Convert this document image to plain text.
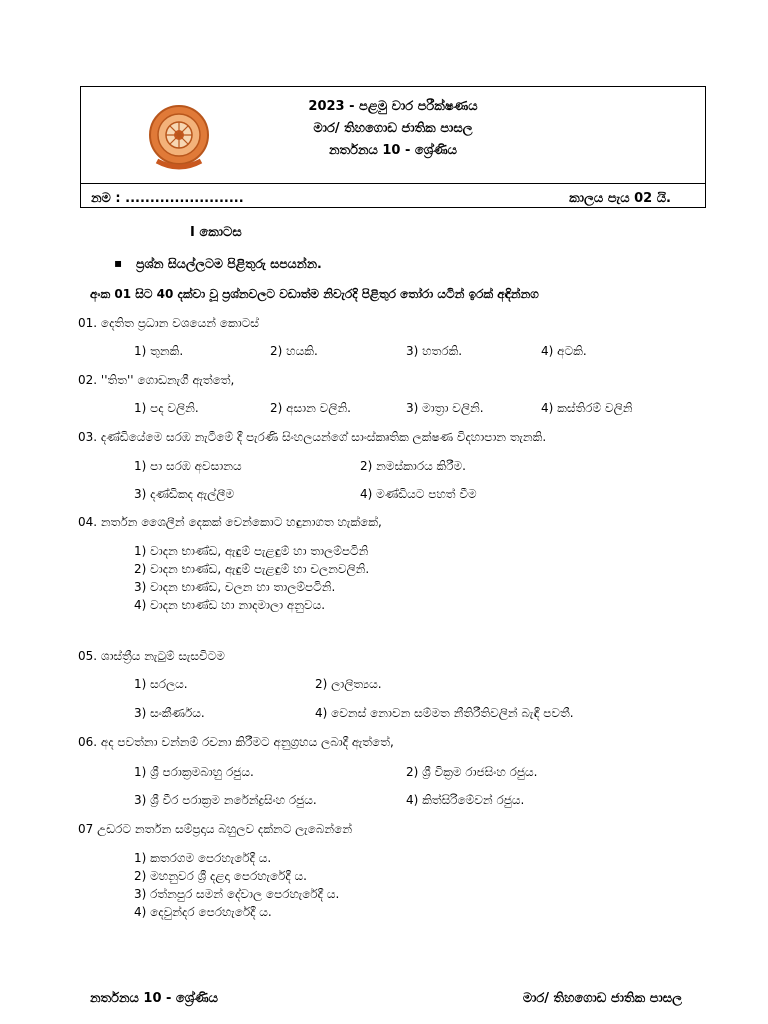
2023 - පළමු වාර පරීක්ෂණය
මාර/ තිහගොඩ ජාතික පාසල
නර්තනය 10 - ශ්‍රේණිය
නම : ........................	කාලය පැය 02 යි.
I කොටස
▪ ප්‍රශ්න සියල්ලටම පිළිතුරු සපයන්න.
අංක 01 සිට 40 දක්වා වූ ප්‍රශ්නවලට වඩාත්ම නිවැරදි පිළිතුර තෝරා යටින් ඉරක් අඳින්නග
01. දෙතිත ප්‍රධාන වශයෙන් කොටස්
1) තුනකි.	2) හයකි.	3) හතරකි.	4) අටකි.
02. ''තිත'' ගොඩනැගී ඇත්තේ,
1) පද වලිනි.	2) අසාන වලිනි.	3) මාත්‍රා වලිනි.	4) කස්තිරම් වලිනි
03. දණ්ඩියේමෙ සරඹ නැටීමේ දී පැරණි සිංහලයන්ගේ සාංස්කෘතික ලක්ෂණ විදහාපාන තැනකි.
1) පා සරඹ අවසානය	2) නමස්කාරය කිරීම.
3) දණ්ඩිකද ඇල්ලීම	4) මණ්ඩියට පහත් වීම
04. නර්තන ශෛලීන් දෙකක් වෙන්කොට හඳුනාගත හැක්කේ,
1) වාදන භාණ්ඩ, ඇඳුම් පැළඳුම් හා තාලම්පටිනි
2) වාදන භාණ්ඩ, ඇඳුම් පැළඳුම් හා චලනවලිනි.
3) වාදන භාණ්ඩ, චලන හා තාලම්පටිනි.
4) වාදන භාණ්ඩ හා නාදමාලා අනුවය.
05. ශාස්ත්‍රීය නැටුම් සැසවිටම
1) සරලය.	2) ලාලිත්‍යය.
3) සංකීර්ණය.	4) වෙනස් නොවන සම්මත නීතිරීතිවලින් බැඳී පවතී.
06. අද පවත්නා වන්නම් රචනා කිරීමට අනුග්‍රහය ලබාදී ඇත්තේ,
1) ශ්‍රී පරාක්‍රමබාහු රජුය.	2) ශ්‍රී වික්‍රම රාජසිංහ රජුය.
3) ශ්‍රී වීර පරාක්‍රම නරේන්ද්‍රසිංහ රජුය.	4) කිත්සිරිමේවන් රජුය.
07 උඩරට නර්තන සම්ප්‍රදාය බහුලව දක්නට ලැබෙන්නේ
1) කතරගම පෙරහැරේදී ය.
2) මහනුවර ශ්‍රී දළදා පෙරහැරේදී ය.
3) රත්නපුර සමන් දේවාල පෙරහැරේදී ය.
4) දෙවුන්දර පෙරහැරේදී ය.
නර්තනය 10 - ශ්‍රේණිය	මාර/ තිහගොඩ ජාතික පාසල
